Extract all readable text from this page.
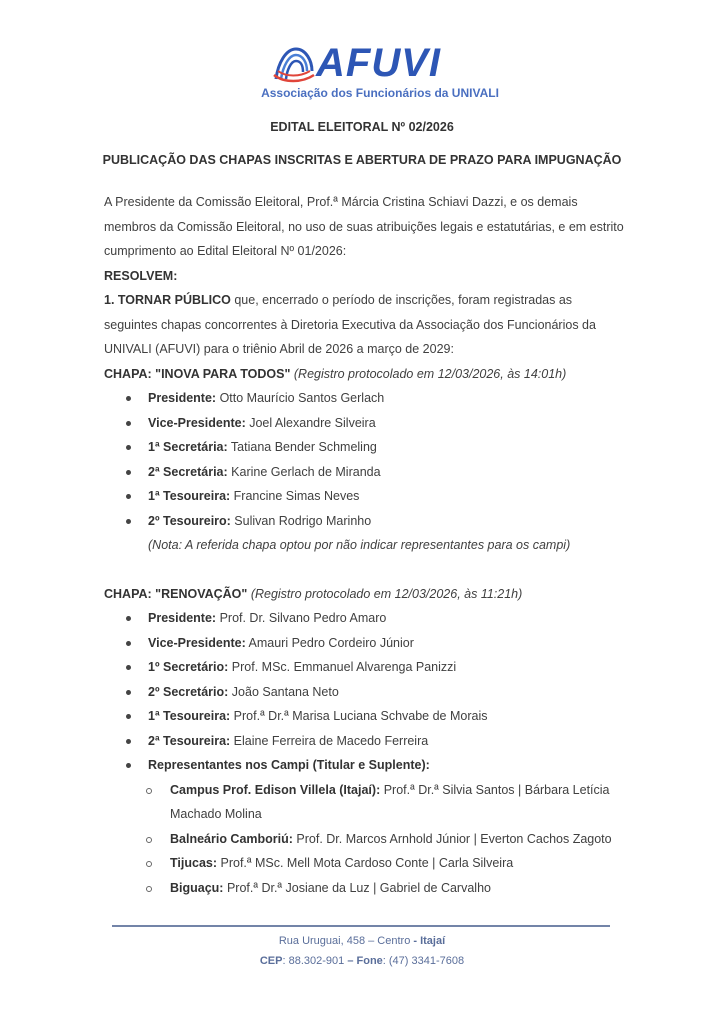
AFUVI
Associação dos Funcionários da UNIVALI
EDITAL ELEITORAL Nº 02/2026
PUBLICAÇÃO DAS CHAPAS INSCRITAS E ABERTURA DE PRAZO PARA IMPUGNAÇÃO

A Presidente da Comissão Eleitoral, Prof.ª Márcia Cristina Schiavi Dazzi, e os demais membros da Comissão Eleitoral, no uso de suas atribuições legais e estatutárias, e em estrito cumprimento ao Edital Eleitoral Nº 01/2026:

RESOLVEM:

1. TORNAR PÚBLICO que, encerrado o período de inscrições, foram registradas as seguintes chapas concorrentes à Diretoria Executiva da Associação dos Funcionários da UNIVALI (AFUVI) para o triênio Abril de 2026 a março de 2029:

CHAPA: "INOVA PARA TODOS" (Registro protocolado em 12/03/2026, às 14:01h)

Presidente: Otto Maurício Santos Gerlach
Vice-Presidente: Joel Alexandre Silveira
1ª Secretária: Tatiana Bender Schmeling
2ª Secretária: Karine Gerlach de Miranda
1ª Tesoureira: Francine Simas Neves
2º Tesoureiro: Sulivan Rodrigo Marinho

(Nota: A referida chapa optou por não indicar representantes para os campi)

CHAPA: "RENOVAÇÃO" (Registro protocolado em 12/03/2026, às 11:21h)

Presidente: Prof. Dr. Silvano Pedro Amaro
Vice-Presidente: Amauri Pedro Cordeiro Júnior
1º Secretário: Prof. MSc. Emmanuel Alvarenga Panizzi
2º Secretário: João Santana Neto
1ª Tesoureira: Prof.ª Dr.ª Marisa Luciana Schvabe de Morais
2ª Tesoureira: Elaine Ferreira de Macedo Ferreira
Representantes nos Campi (Titular e Suplente):
Campus Prof. Edison Villela (Itajaí): Prof.ª Dr.ª Silvia Santos | Bárbara Letícia Machado Molina
Balneário Camboriú: Prof. Dr. Marcos Arnhold Júnior | Everton Cachos Zagoto
Tijucas: Prof.ª MSc. Mell Mota Cardoso Conte | Carla Silveira
Biguaçu: Prof.ª Dr.ª Josiane da Luz | Gabriel de Carvalho
Rua Uruguai, 458 – Centro - Itajaí
CEP: 88.302-901 – Fone: (47) 3341-7608
